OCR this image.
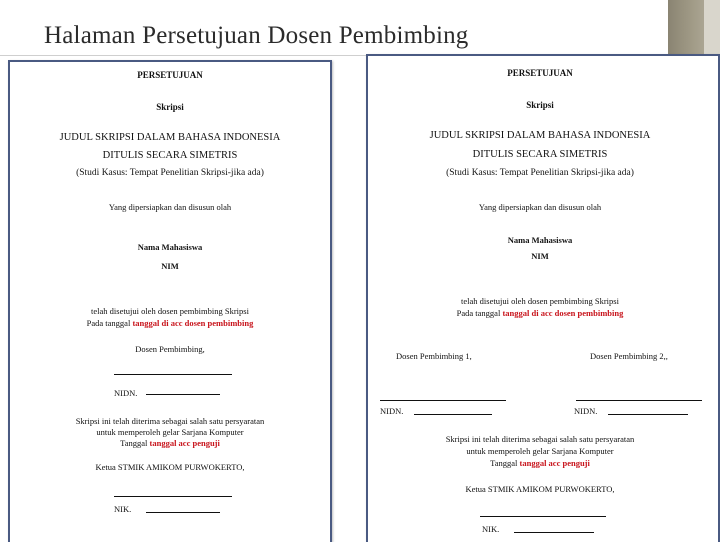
Halaman Persetujuan Dosen Pembimbing
PERSETUJUAN
Skripsi
JUDUL SKRIPSI DALAM BAHASA INDONESIA
DITULIS SECARA SIMETRIS
(Studi Kasus: Tempat Penelitian Skripsi-jika ada)
Yang dipersiapkan dan disusun olah
Nama Mahasiswa
NIM
telah disetujui oleh dosen pembimbing Skripsi
Pada tanggal tanggal di acc dosen pembimbing
Dosen Pembimbing,
NIDN.
Skripsi ini telah diterima sebagai salah satu persyaratan
untuk memperoleh gelar Sarjana Komputer
Tanggal tanggal acc penguji
Ketua STMIK AMIKOM PURWOKERTO,
NIK.
PERSETUJUAN
Skripsi
JUDUL SKRIPSI DALAM BAHASA INDONESIA
DITULIS SECARA SIMETRIS
(Studi Kasus: Tempat Penelitian Skripsi-jika ada)
Yang dipersiapkan dan disusun olah
Nama Mahasiswa
NIM
telah disetujui oleh dosen pembimbing Skripsi
Pada tanggal tanggal di acc dosen pembimbing
Dosen Pembimbing 1,	Dosen Pembimbing 2,,
NIDN.	NIDN.
Skripsi ini telah diterima sebagai salah satu persyaratan
untuk memperoleh gelar Sarjana Komputer
Tanggal tanggal acc penguji
Ketua STMIK AMIKOM PURWOKERTO,
NIK.
